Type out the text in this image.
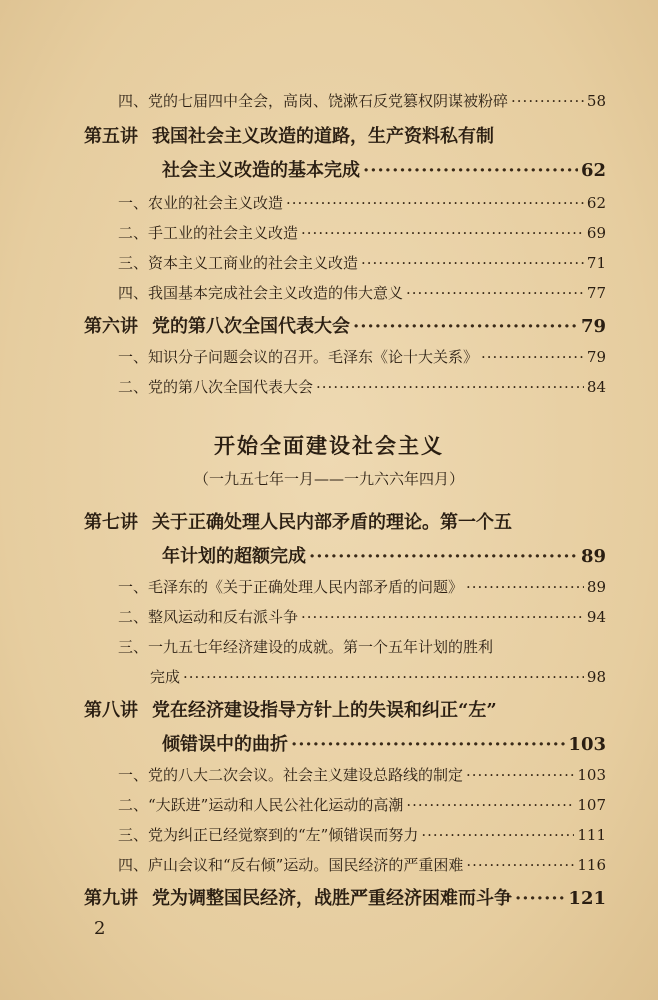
四、党的七届四中全会，高岗、饶漱石反党篡权阴谋被粉碎 ·····	58
第五讲 我国社会主义改造的道路，生产资料私有制
社会主义改造的基本完成 ·····	62
一、农业的社会主义改造 ·····	62
二、手工业的社会主义改造 ·····	69
三、资本主义工商业的社会主义改造 ·····	71
四、我国基本完成社会主义改造的伟大意义 ·····	77
第六讲 党的第八次全国代表大会 ·····	79
一、知识分子问题会议的召开。毛泽东《论十大关系》 ·····	79
二、党的第八次全国代表大会 ·····	84
开始全面建设社会主义
（一九五七年一月——一九六六年四月）
第七讲 关于正确处理人民内部矛盾的理论。第一个五
年计划的超额完成 ·····	89
一、毛泽东的《关于正确处理人民内部矛盾的问题》 ·····	89
二、整风运动和反右派斗争 ·····	94
三、一九五七年经济建设的成就。第一个五年计划的胜利
完成 ·····	98
第八讲 党在经济建设指导方针上的失误和纠正“左”
倾错误中的曲折 ·····	103
一、党的八大二次会议。社会主义建设总路线的制定 ·····	103
二、“大跃进”运动和人民公社化运动的高潮 ·····	107
三、党为纠正已经觉察到的“左”倾错误而努力 ·····	111
四、庐山会议和“反右倾”运动。国民经济的严重困难 ·····	116
第九讲 党为调整国民经济，战胜严重经济困难而斗争 ·····	121
2
